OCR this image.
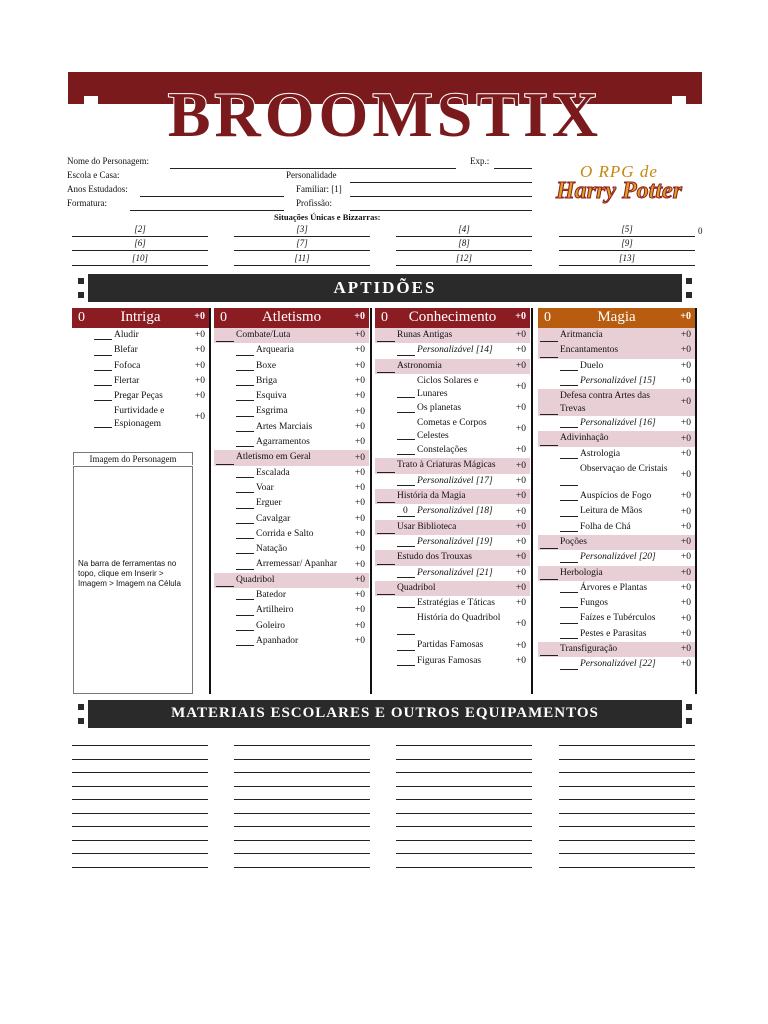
BROOMSTIX
O RPG de
Harry Potter
Nome do Personagem:	Exp.:
Escola e Casa:	Personalidade
Anos Estudados:	Familiar: [1]
Formatura:	Profissão:
Situações Únicas e Bizzarras:
[2]	[3]	[4]	[5]
[6]	[7]	[8]	[9]
[10]	[11]	[12]	[13]
0
APTIDÕES
0	Intriga	+0
Aludir	+0
Blefar	+0
Fofoca	+0
Flertar	+0
Pregar Peças	+0
Furtividade e Espionagem
+0
0	Atletismo	+0
Combate/Luta	+0
Arquearia	+0
Boxe	+0
Briga	+0
Esquiva	+0
Esgrima	+0
Artes Marciais	+0
Agarramentos	+0
Atletismo em Geral	+0
Escalada	+0
Voar	+0
Erguer	+0
Cavalgar	+0
Corrida e Salto	+0
Natação	+0
Arremessar/ Apanhar	+0
Quadribol	+0
Batedor	+0
Artilheiro	+0
Goleiro	+0
Apanhador	+0
0	Conhecimento	+0
Runas Antigas	+0
Personalizável [14]	+0
Astronomia	+0
Ciclos Solares e Lunares
+0
Os planetas	+0
Cometas e Corpos Celestes
+0
Constelações	+0
Trato à Criaturas Mágicas	+0
Personalizável [17]	+0
História da Magia	+0
0 Personalizável [18]	+0
Usar Biblioteca	+0
Personalizável [19]	+0
Estudo dos Trouxas	+0
Personalizável [21]	+0
Quadribol	+0
Estratégias e Táticas	+0
História do Quadribol
+0
Partidas Famosas	+0
Figuras Famosas	+0
0	Magia	+0
Aritmancia	+0
Encantamentos	+0
Duelo	+0
Personalizável [15]	+0
Defesa contra Artes das Trevas
+0
Personalizável [16]	+0
Adivinhação	+0
Astrologia	+0
Observaçao de Cristais
+0
Auspícios de Fogo	+0
Leitura de Mãos	+0
Folha de Chá	+0
Poções	+0
Personalizável [20]	+0
Herbologia	+0
Árvores e Plantas	+0
Fungos	+0
Faízes e Tubérculos	+0
Pestes e Parasitas	+0
Transfiguração	+0
Personalizável [22]	+0
Imagem do Personagem
Na barra de ferramentas no topo, clique em Inserir > Imagem > Imagem na Célula
MATERIAIS ESCOLARES E OUTROS EQUIPAMENTOS
